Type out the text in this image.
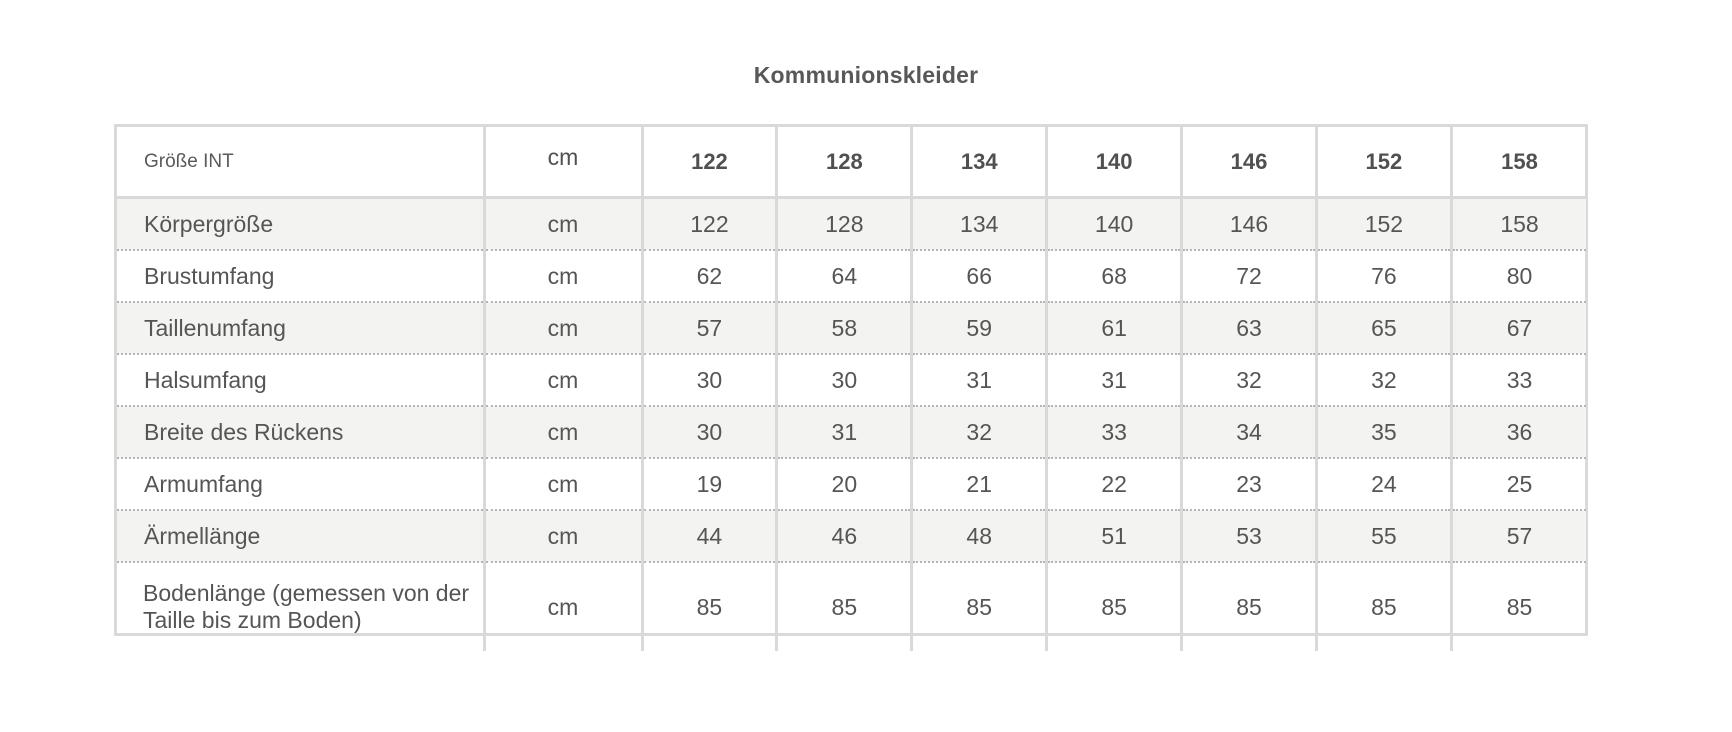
Kommunionskleider
Größe INT	cm	122	128	134	140	146	152	158
Körpergröße	cm	122	128	134	140	146	152	158
Brustumfang	cm	62	64	66	68	72	76	80
Taillenumfang	cm	57	58	59	61	63	65	67
Halsumfang	cm	30	30	31	31	32	32	33
Breite des Rückens	cm	30	31	32	33	34	35	36
Armumfang	cm	19	20	21	22	23	24	25
Ärmellänge	cm	44	46	48	51	53	55	57
Bodenlänge (gemessen von der Taille bis zum Boden)	cm	85	85	85	85	85	85	85
